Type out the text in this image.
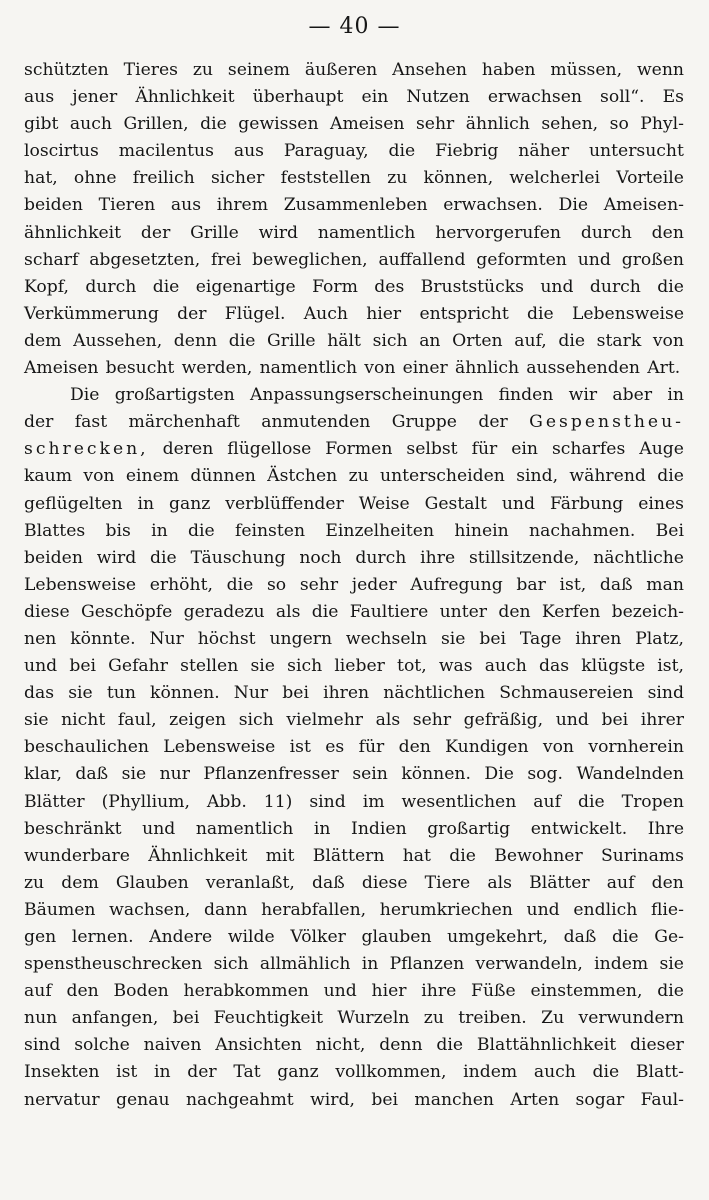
— 40 —
schützten Tieres zu seinem äußeren Ansehen haben müssen, wenn
aus jener Ähnlichkeit überhaupt ein Nutzen erwachsen soll“. Es
gibt auch Grillen, die gewissen Ameisen sehr ähnlich sehen, so Phyl-
loscirtus macilentus aus Paraguay, die Fiebrig näher untersucht
hat, ohne freilich sicher feststellen zu können, welcherlei Vorteile
beiden Tieren aus ihrem Zusammenleben erwachsen. Die Ameisen-
ähnlichkeit der Grille wird namentlich hervorgerufen durch den
scharf abgesetzten, frei beweglichen, auffallend geformten und großen
Kopf, durch die eigenartige Form des Bruststücks und durch die
Verkümmerung der Flügel. Auch hier entspricht die Lebensweise
dem Aussehen, denn die Grille hält sich an Orten auf, die stark von
Ameisen besucht werden, namentlich von einer ähnlich aussehenden Art.
Die großartigsten Anpassungserscheinungen finden wir aber in
der fast märchenhaft anmutenden Gruppe der Gespenstheu-
schrecken, deren flügellose Formen selbst für ein scharfes Auge
kaum von einem dünnen Ästchen zu unterscheiden sind, während die
geflügelten in ganz verblüffender Weise Gestalt und Färbung eines
Blattes bis in die feinsten Einzelheiten hinein nachahmen. Bei
beiden wird die Täuschung noch durch ihre stillsitzende, nächtliche
Lebensweise erhöht, die so sehr jeder Aufregung bar ist, daß man
diese Geschöpfe geradezu als die Faultiere unter den Kerfen bezeich-
nen könnte. Nur höchst ungern wechseln sie bei Tage ihren Platz,
und bei Gefahr stellen sie sich lieber tot, was auch das klügste ist,
das sie tun können. Nur bei ihren nächtlichen Schmausereien sind
sie nicht faul, zeigen sich vielmehr als sehr gefräßig, und bei ihrer
beschaulichen Lebensweise ist es für den Kundigen von vornherein
klar, daß sie nur Pflanzenfresser sein können. Die sog. Wandelnden
Blätter (Phyllium, Abb. 11) sind im wesentlichen auf die Tropen
beschränkt und namentlich in Indien großartig entwickelt. Ihre
wunderbare Ähnlichkeit mit Blättern hat die Bewohner Surinams
zu dem Glauben veranlaßt, daß diese Tiere als Blätter auf den
Bäumen wachsen, dann herabfallen, herumkriechen und endlich flie-
gen lernen. Andere wilde Völker glauben umgekehrt, daß die Ge-
spenstheuschrecken sich allmählich in Pflanzen verwandeln, indem sie
auf den Boden herabkommen und hier ihre Füße einstemmen, die
nun anfangen, bei Feuchtigkeit Wurzeln zu treiben. Zu verwundern
sind solche naiven Ansichten nicht, denn die Blattähnlichkeit dieser
Insekten ist in der Tat ganz vollkommen, indem auch die Blatt-
nervatur genau nachgeahmt wird, bei manchen Arten sogar Faul-
